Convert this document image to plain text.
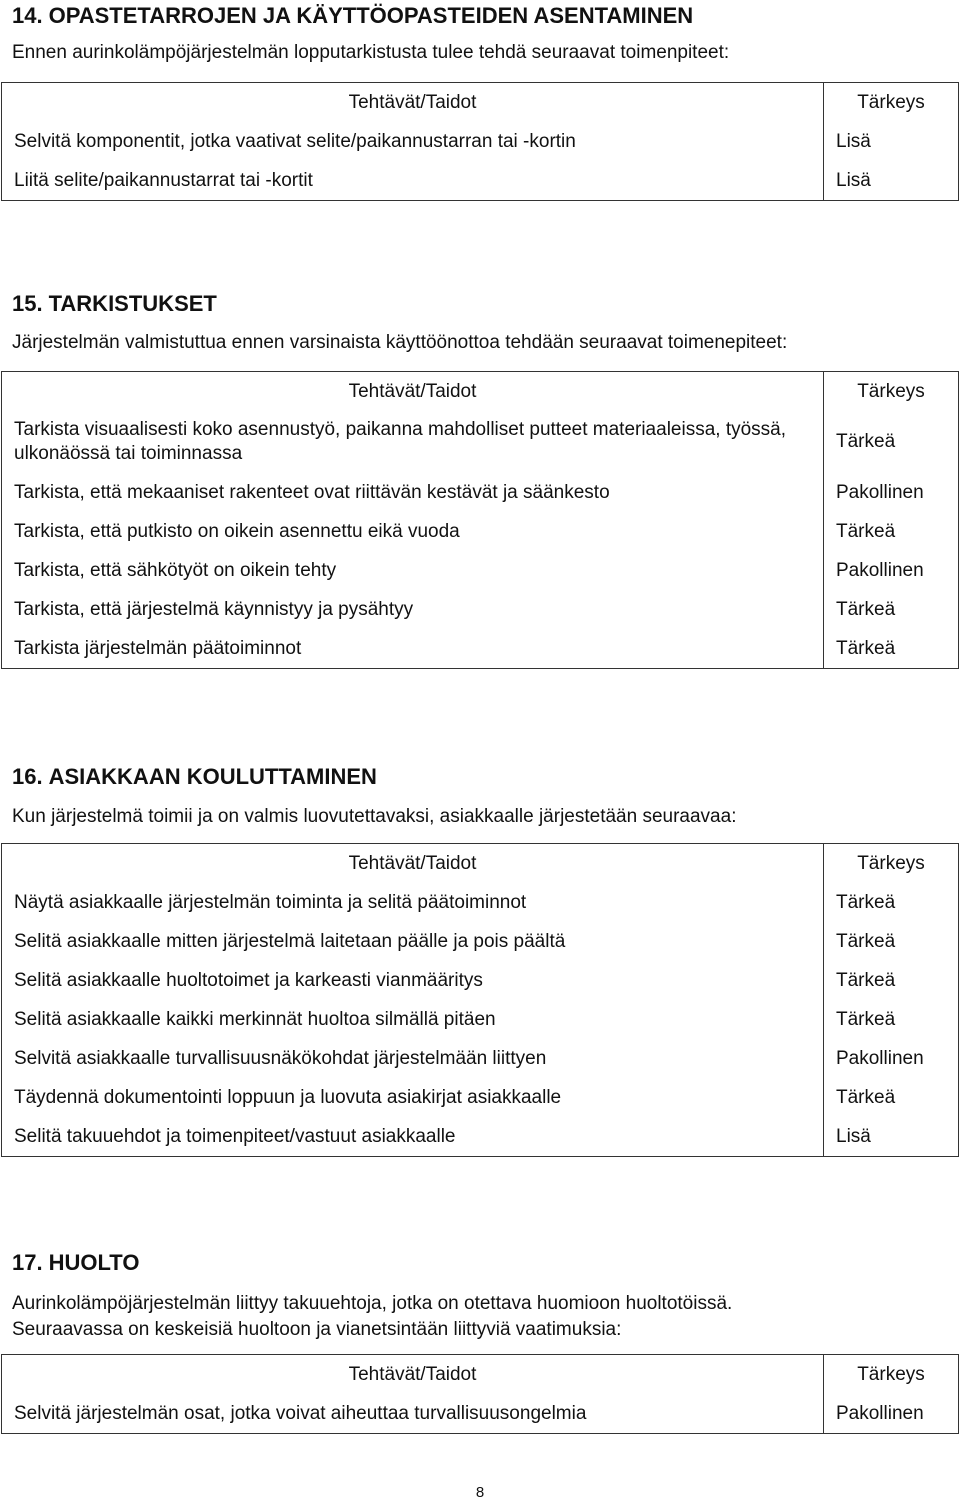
14. OPASTETARROJEN JA KÄYTTÖOPASTEIDEN ASENTAMINEN

Ennen aurinkolämpöjärjestelmän lopputarkistusta tulee tehdä seuraavat toimenpiteet:

Tehtävät/Taidot	Tärkeys
Selvitä komponentit, jotka vaativat selite/paikannustarran tai -kortin	Lisä
Liitä selite/paikannustarrat tai -kortit	Lisä
15. TARKISTUKSET

Järjestelmän valmistuttua ennen varsinaista käyttöönottoa tehdään seuraavat toimenepiteet:

Tehtävät/Taidot	Tärkeys
Tarkista visuaalisesti koko asennustyö, paikanna mahdolliset putteet materiaaleissa, työssä, ulkonäössä tai toiminnassa	Tärkeä
Tarkista, että mekaaniset rakenteet ovat riittävän kestävät ja säänkesto	Pakollinen
Tarkista, että putkisto on oikein asennettu eikä vuoda	Tärkeä
Tarkista, että sähkötyöt on oikein tehty	Pakollinen
Tarkista, että järjestelmä käynnistyy ja pysähtyy	Tärkeä
Tarkista järjestelmän päätoiminnot	Tärkeä
16. ASIAKKAAN KOULUTTAMINEN

Kun järjestelmä toimii ja on valmis luovutettavaksi, asiakkaalle järjestetään seuraavaa:

Tehtävät/Taidot	Tärkeys
Näytä asiakkaalle järjestelmän toiminta ja selitä päätoiminnot	Tärkeä
Selitä asiakkaalle mitten järjestelmä laitetaan päälle ja pois päältä	Tärkeä
Selitä asiakkaalle huoltotoimet ja karkeasti vianmääritys	Tärkeä
Selitä asiakkaalle kaikki merkinnät huoltoa silmällä pitäen	Tärkeä
Selvitä asiakkaalle turvallisuusnäkökohdat järjestelmään liittyen	Pakollinen
Täydennä dokumentointi loppuun ja luovuta asiakirjat asiakkaalle	Tärkeä
Selitä takuuehdot ja toimenpiteet/vastuut asiakkaalle	Lisä
17. HUOLTO

Aurinkolämpöjärjestelmän liittyy takuuehtoja, jotka on otettava huomioon huoltotöissä.

Seuraavassa on keskeisiä huoltoon ja vianetsintään liittyviä vaatimuksia:

Tehtävät/Taidot	Tärkeys
Selvitä järjestelmän osat, jotka voivat aiheuttaa turvallisuusongelmia	Pakollinen
8
